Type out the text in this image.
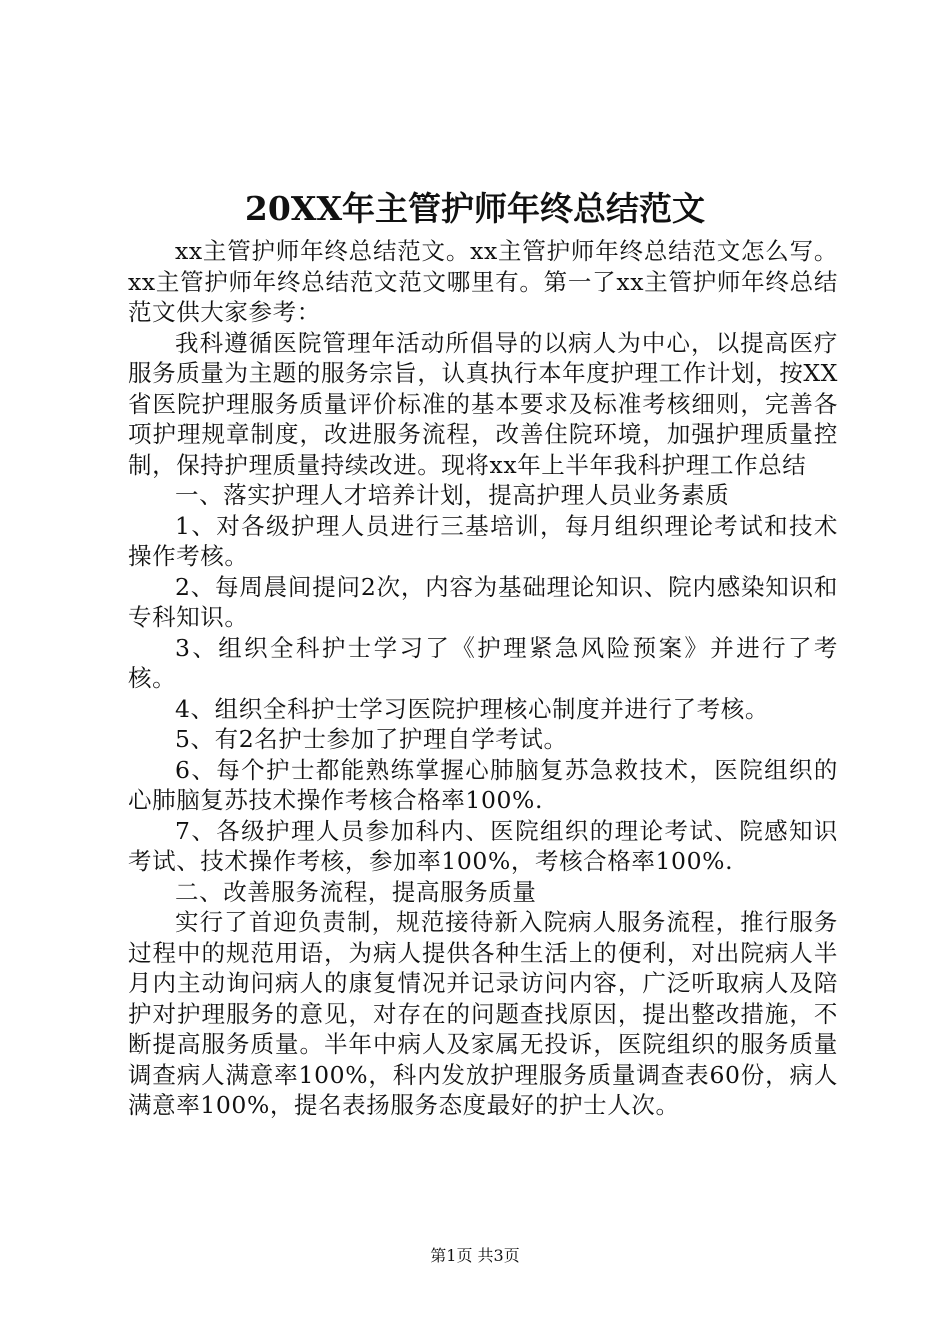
20XX年主管护师年终总结范文

xx主管护师年终总结范文。xx主管护师年终总结范文怎么写。xx主管护师年终总结范文范文哪里有。第一了xx主管护师年终总结范文供大家参考：

我科遵循医院管理年活动所倡导的以病人为中心，以提高医疗服务质量为主题的服务宗旨，认真执行本年度护理工作计划，按XX省医院护理服务质量评价标准的基本要求及标准考核细则，完善各项护理规章制度，改进服务流程，改善住院环境，加强护理质量控制，保持护理质量持续改进。现将xx年上半年我科护理工作总结

一、落实护理人才培养计划，提高护理人员业务素质

1、对各级护理人员进行三基培训，每月组织理论考试和技术操作考核。

2、每周晨间提问2次，内容为基础理论知识、院内感染知识和专科知识。

3、组织全科护士学习了《护理紧急风险预案》并进行了考核。

4、组织全科护士学习医院护理核心制度并进行了考核。

5、有2名护士参加了护理自学考试。

6、每个护士都能熟练掌握心肺脑复苏急救技术，医院组织的心肺脑复苏技术操作考核合格率100%.

7、各级护理人员参加科内、医院组织的理论考试、院感知识考试、技术操作考核，参加率100%，考核合格率100%.

二、改善服务流程，提高服务质量

实行了首迎负责制，规范接待新入院病人服务流程，推行服务过程中的规范用语，为病人提供各种生活上的便利，对出院病人半月内主动询问病人的康复情况并记录访问内容，广泛听取病人及陪护对护理服务的意见，对存在的问题查找原因，提出整改措施，不断提高服务质量。半年中病人及家属无投诉，医院组织的服务质量调查病人满意率100%，科内发放护理服务质量调查表60份，病人满意率100%，提名表扬服务态度最好的护士人次。

第1页 共3页
